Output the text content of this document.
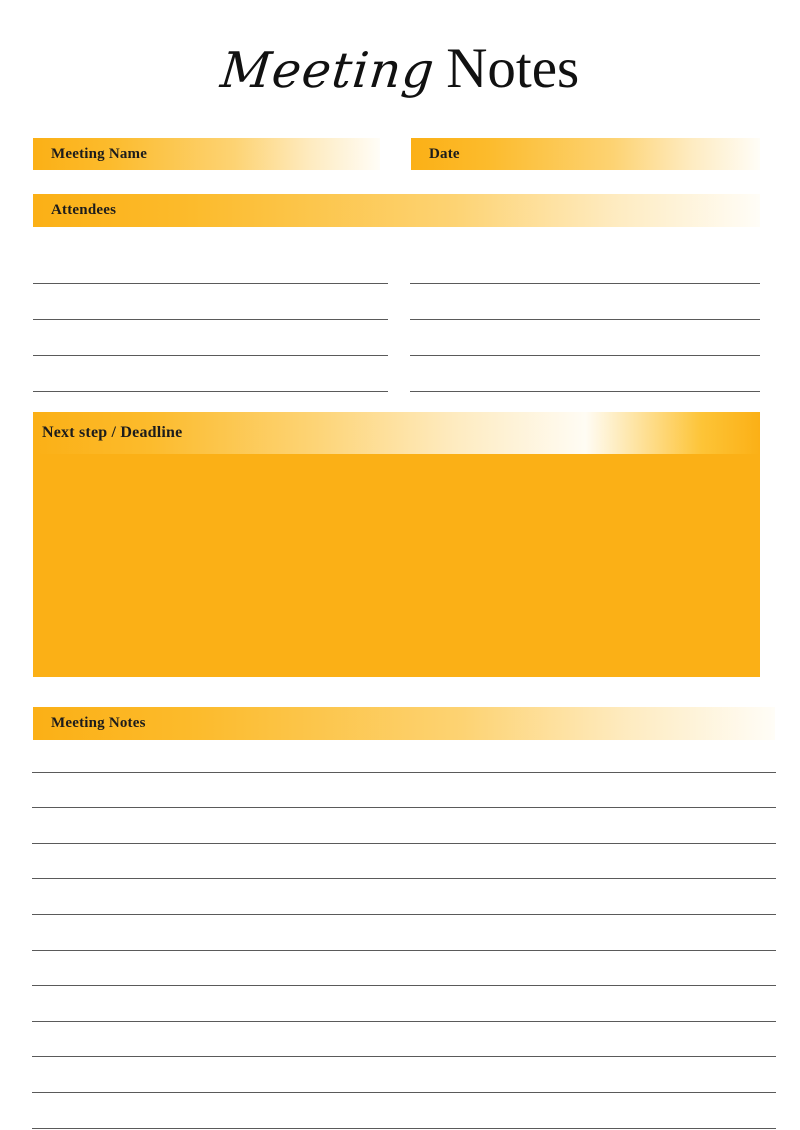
Meeting Notes
Meeting Name	Date
Attendees
Next step / Deadline
Meeting Notes
